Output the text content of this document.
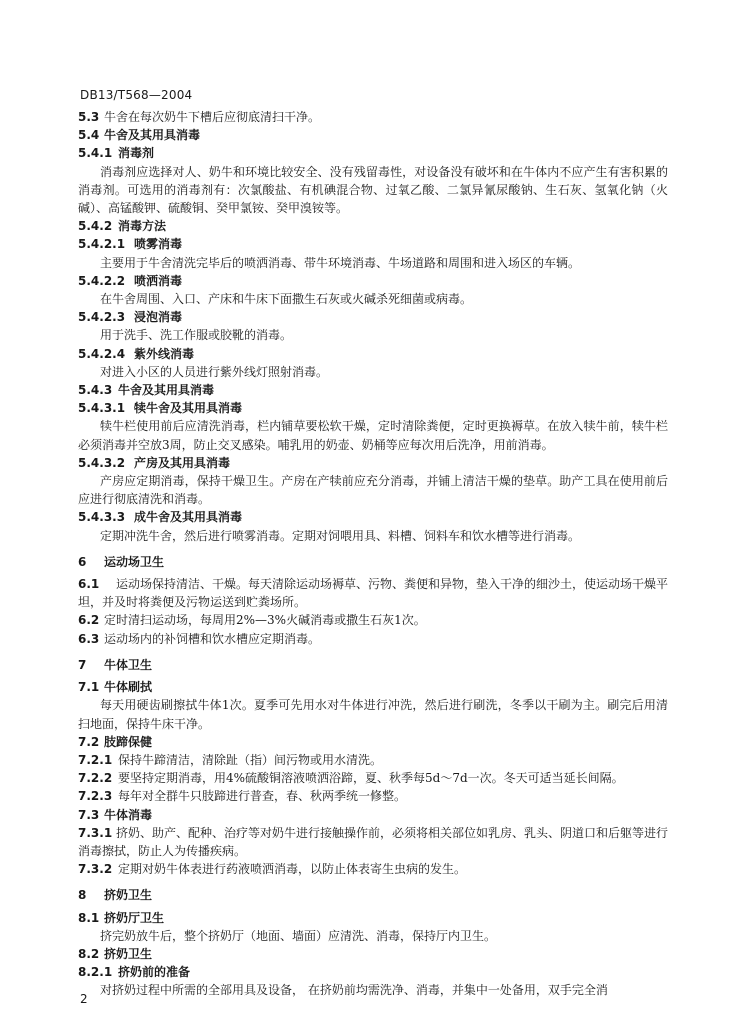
DB13/T568—2004
5.3 牛舍在每次奶牛下槽后应彻底清扫干净。
5.4 牛舍及其用具消毒
5.4.1 消毒剂
消毒剂应选择对人、奶牛和环境比较安全、没有残留毒性，对设备没有破坏和在牛体内不应产生有害积累的消毒剂。可选用的消毒剂有：次氯酸盐、有机碘混合物、过氧乙酸、二氯异氰尿酸钠、生石灰、氢氧化钠（火碱）、高锰酸钾、硫酸铜、癸甲氯铵、癸甲溴铵等。
5.4.2 消毒方法
5.4.2.1 喷雾消毒
主要用于牛舍清洗完毕后的喷洒消毒、带牛环境消毒、牛场道路和周围和进入场区的车辆。
5.4.2.2 喷洒消毒
在牛舍周围、入口、产床和牛床下面撒生石灰或火碱杀死细菌或病毒。
5.4.2.3 浸泡消毒
用于洗手、洗工作服或胶靴的消毒。
5.4.2.4 紫外线消毒
对进入小区的人员进行紫外线灯照射消毒。
5.4.3 牛舍及其用具消毒
5.4.3.1 犊牛舍及其用具消毒
犊牛栏使用前后应清洗消毒，栏内铺草要松软干燥，定时清除粪便，定时更换褥草。在放入犊牛前，犊牛栏必须消毒并空放3周，防止交叉感染。哺乳用的奶壶、奶桶等应每次用后洗净，用前消毒。
5.4.3.2 产房及其用具消毒
产房应定期消毒，保持干燥卫生。产房在产犊前应充分消毒，并铺上清洁干燥的垫草。助产工具在使用前后应进行彻底清洗和消毒。
5.4.3.3 成牛舍及其用具消毒
定期冲洗牛舍，然后进行喷雾消毒。定期对饲喂用具、料槽、饲料车和饮水槽等进行消毒。
6	运动场卫生
6.1 运动场保持清洁、干燥。每天清除运动场褥草、污物、粪便和异物，垫入干净的细沙土，使运动场干燥平坦，并及时将粪便及污物运送到贮粪场所。
6.2 定时清扫运动场，每周用2%—3%火碱消毒或撒生石灰1次。
6.3 运动场内的补饲槽和饮水槽应定期消毒。
7	牛体卫生
7.1 牛体刷拭
每天用硬齿刷擦拭牛体1次。夏季可先用水对牛体进行冲洗，然后进行刷洗，冬季以干刷为主。刷完后用清扫地面，保持牛床干净。
7.2 肢蹄保健
7.2.1 保持牛蹄清洁，清除趾（指）间污物或用水清洗。
7.2.2 要坚持定期消毒，用4%硫酸铜溶液喷洒浴蹄，夏、秋季每5d～7d一次。冬天可适当延长间隔。
7.2.3 每年对全群牛只肢蹄进行普查，春、秋两季统一修整。
7.3 牛体消毒
7.3.1 挤奶、助产、配种、治疗等对奶牛进行接触操作前，必须将相关部位如乳房、乳头、阴道口和后躯等进行消毒擦拭，防止人为传播疾病。
7.3.2 定期对奶牛体表进行药液喷洒消毒，以防止体表寄生虫病的发生。
8	挤奶卫生
8.1 挤奶厅卫生
挤完奶放牛后，整个挤奶厅（地面、墙面）应清洗、消毒，保持厅内卫生。
8.2 挤奶卫生
8.2.1 挤奶前的准备
对挤奶过程中所需的全部用具及设备， 在挤奶前均需洗净、消毒，并集中一处备用，双手完全消
2
